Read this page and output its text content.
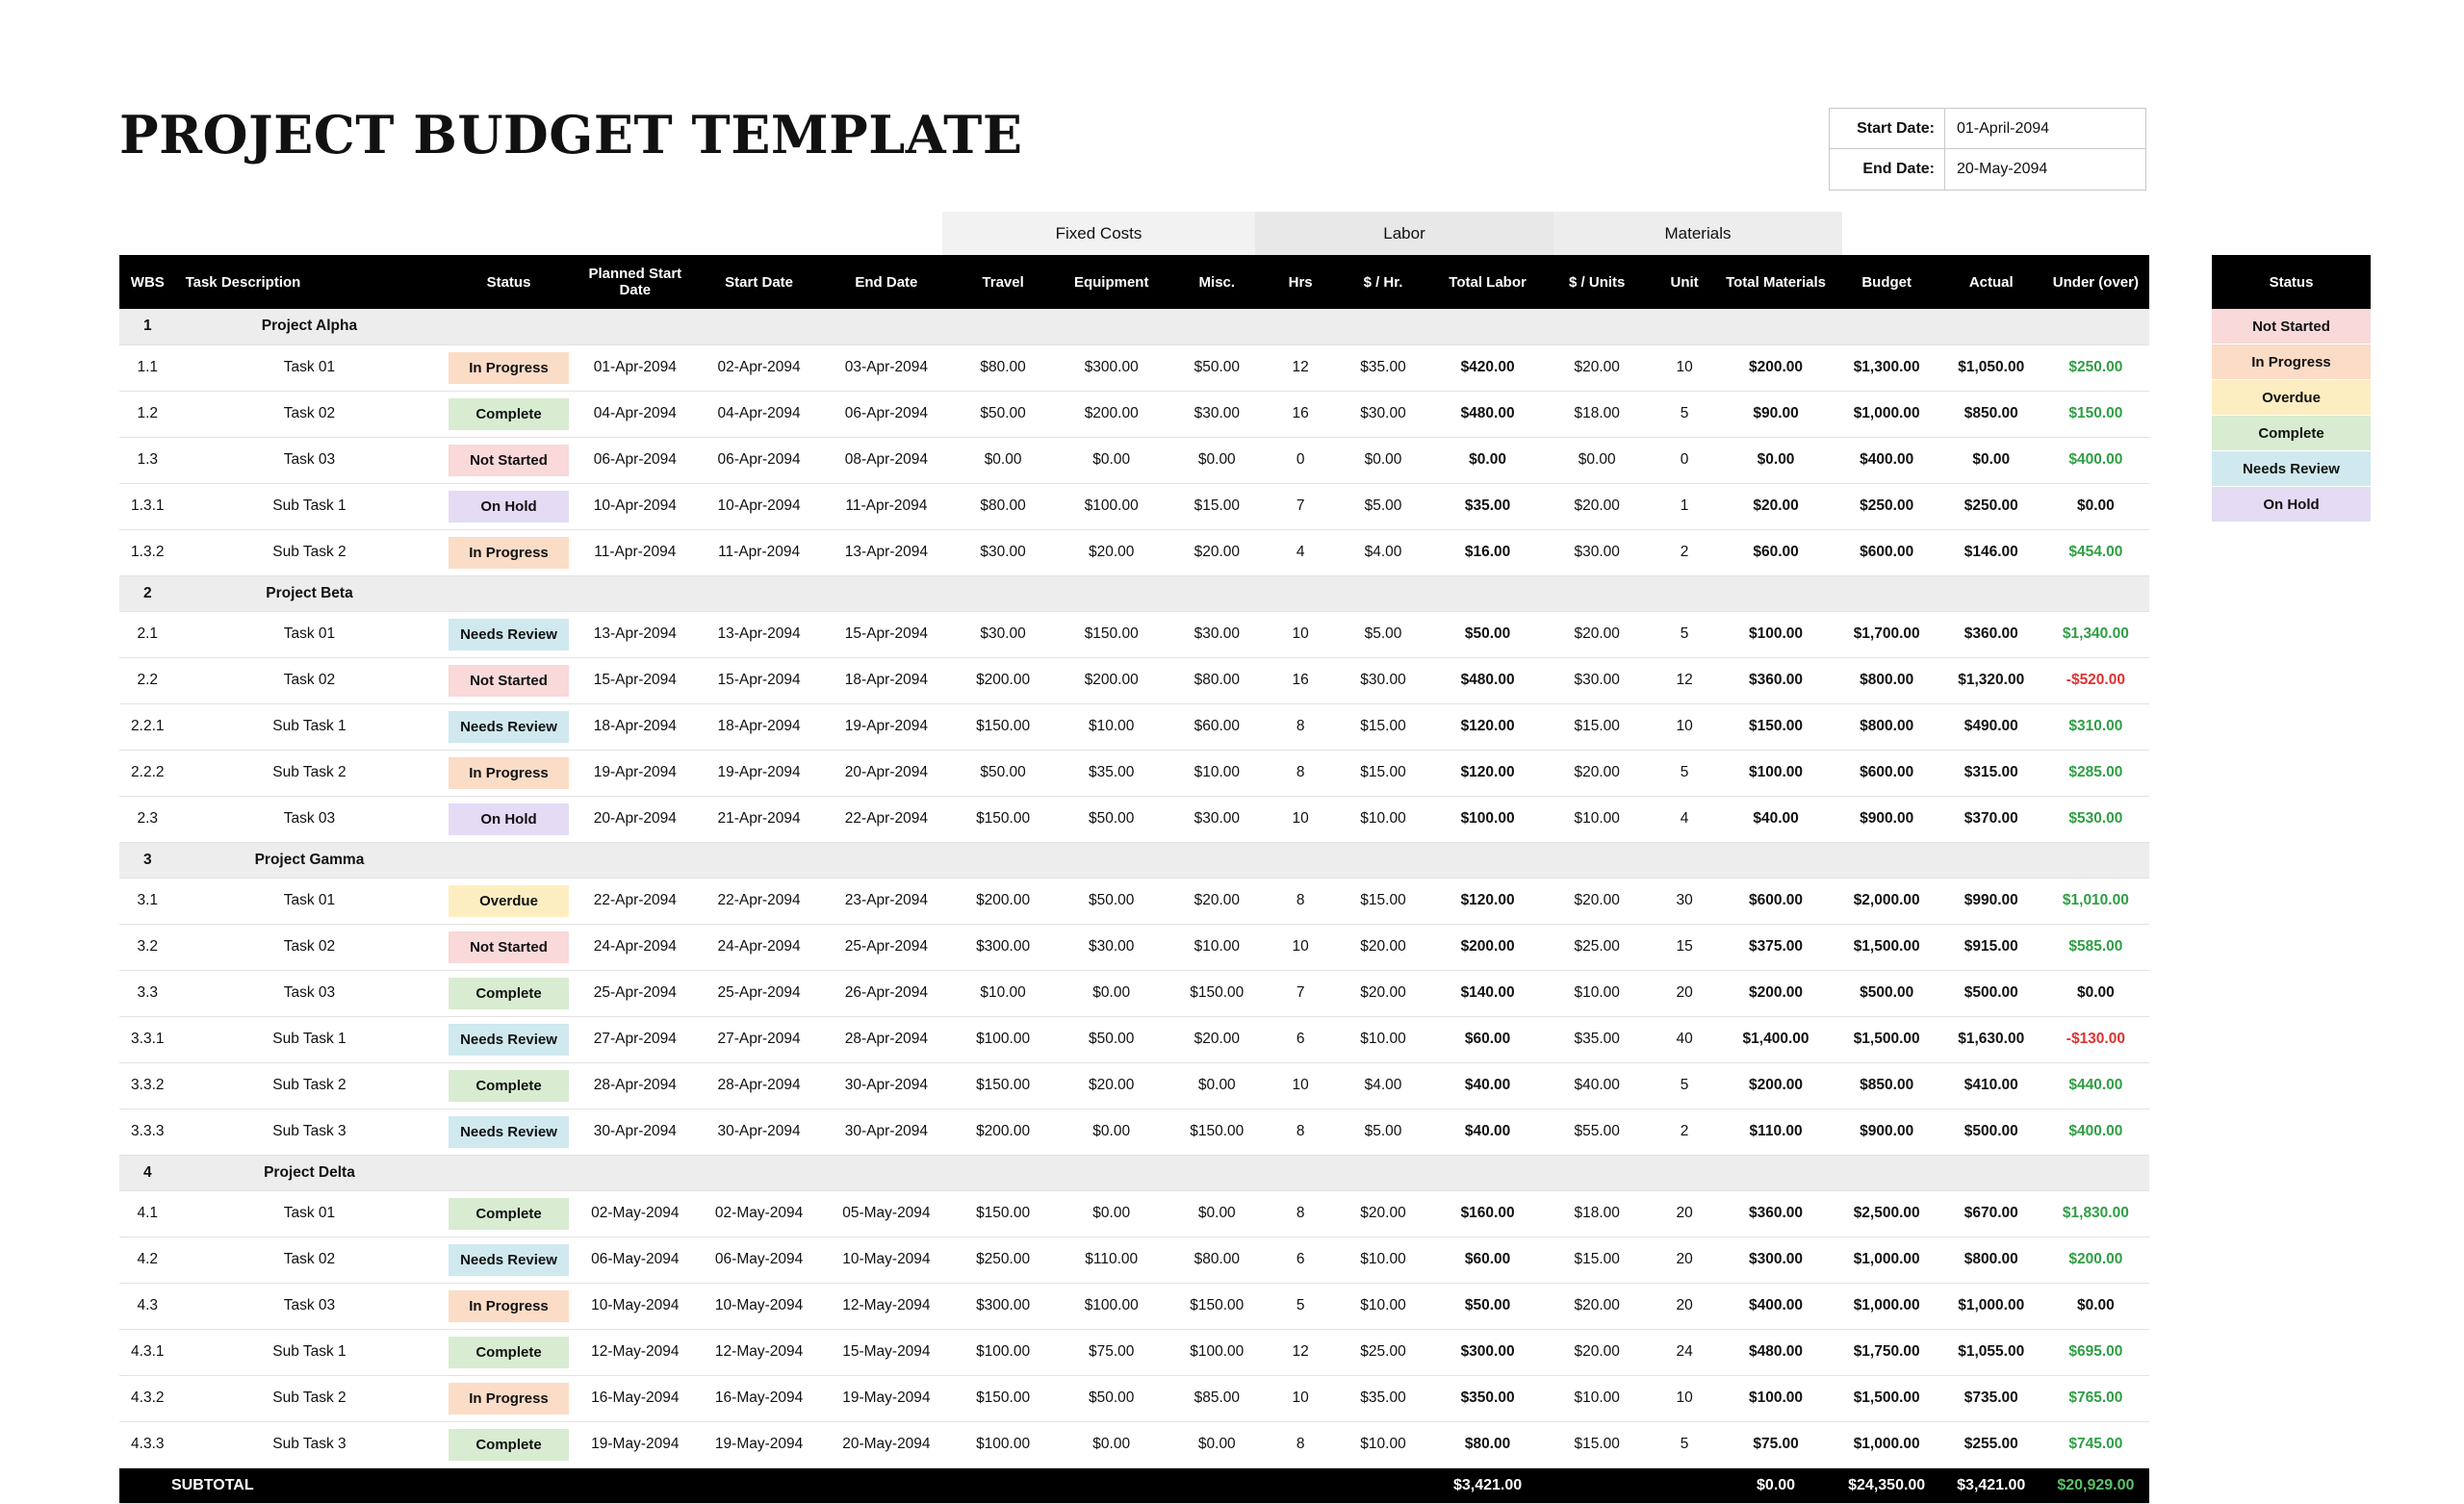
PROJECT BUDGET TEMPLATE	Start Date:	01-April-2094
End Date:	20-May-2094
Fixed Costs	Labor	Materials
WBS	Task Description	Status	Planned Start Date	Start Date	End Date	Travel	Equipment	Misc.	Hrs	$ / Hr.	Total Labor	$ / Units	Unit	Total Materials	Budget	Actual	Under (over)
1	Project Alpha																
1.1	Task 01	In Progress	01-Apr-2094	02-Apr-2094	03-Apr-2094	$80.00	$300.00	$50.00	12	$35.00	$420.00	$20.00	10	$200.00	$1,300.00	$1,050.00	$250.00
1.2	Task 02	Complete	04-Apr-2094	04-Apr-2094	06-Apr-2094	$50.00	$200.00	$30.00	16	$30.00	$480.00	$18.00	5	$90.00	$1,000.00	$850.00	$150.00
1.3	Task 03	Not Started	06-Apr-2094	06-Apr-2094	08-Apr-2094	$0.00	$0.00	$0.00	0	$0.00	$0.00	$0.00	0	$0.00	$400.00	$0.00	$400.00
1.3.1	Sub Task 1	On Hold	10-Apr-2094	10-Apr-2094	11-Apr-2094	$80.00	$100.00	$15.00	7	$5.00	$35.00	$20.00	1	$20.00	$250.00	$250.00	$0.00
1.3.2	Sub Task 2	In Progress	11-Apr-2094	11-Apr-2094	13-Apr-2094	$30.00	$20.00	$20.00	4	$4.00	$16.00	$30.00	2	$60.00	$600.00	$146.00	$454.00
2	Project Beta																
2.1	Task 01	Needs Review	13-Apr-2094	13-Apr-2094	15-Apr-2094	$30.00	$150.00	$30.00	10	$5.00	$50.00	$20.00	5	$100.00	$1,700.00	$360.00	$1,340.00
2.2	Task 02	Not Started	15-Apr-2094	15-Apr-2094	18-Apr-2094	$200.00	$200.00	$80.00	16	$30.00	$480.00	$30.00	12	$360.00	$800.00	$1,320.00	-$520.00
2.2.1	Sub Task 1	Needs Review	18-Apr-2094	18-Apr-2094	19-Apr-2094	$150.00	$10.00	$60.00	8	$15.00	$120.00	$15.00	10	$150.00	$800.00	$490.00	$310.00
2.2.2	Sub Task 2	In Progress	19-Apr-2094	19-Apr-2094	20-Apr-2094	$50.00	$35.00	$10.00	8	$15.00	$120.00	$20.00	5	$100.00	$600.00	$315.00	$285.00
2.3	Task 03	On Hold	20-Apr-2094	21-Apr-2094	22-Apr-2094	$150.00	$50.00	$30.00	10	$10.00	$100.00	$10.00	4	$40.00	$900.00	$370.00	$530.00
3	Project Gamma																
3.1	Task 01	Overdue	22-Apr-2094	22-Apr-2094	23-Apr-2094	$200.00	$50.00	$20.00	8	$15.00	$120.00	$20.00	30	$600.00	$2,000.00	$990.00	$1,010.00
3.2	Task 02	Not Started	24-Apr-2094	24-Apr-2094	25-Apr-2094	$300.00	$30.00	$10.00	10	$20.00	$200.00	$25.00	15	$375.00	$1,500.00	$915.00	$585.00
3.3	Task 03	Complete	25-Apr-2094	25-Apr-2094	26-Apr-2094	$10.00	$0.00	$150.00	7	$20.00	$140.00	$10.00	20	$200.00	$500.00	$500.00	$0.00
3.3.1	Sub Task 1	Needs Review	27-Apr-2094	27-Apr-2094	28-Apr-2094	$100.00	$50.00	$20.00	6	$10.00	$60.00	$35.00	40	$1,400.00	$1,500.00	$1,630.00	-$130.00
3.3.2	Sub Task 2	Complete	28-Apr-2094	28-Apr-2094	30-Apr-2094	$150.00	$20.00	$0.00	10	$4.00	$40.00	$40.00	5	$200.00	$850.00	$410.00	$440.00
3.3.3	Sub Task 3	Needs Review	30-Apr-2094	30-Apr-2094	30-Apr-2094	$200.00	$0.00	$150.00	8	$5.00	$40.00	$55.00	2	$110.00	$900.00	$500.00	$400.00
4	Project Delta																
4.1	Task 01	Complete	02-May-2094	02-May-2094	05-May-2094	$150.00	$0.00	$0.00	8	$20.00	$160.00	$18.00	20	$360.00	$2,500.00	$670.00	$1,830.00
4.2	Task 02	Needs Review	06-May-2094	06-May-2094	10-May-2094	$250.00	$110.00	$80.00	6	$10.00	$60.00	$15.00	20	$300.00	$1,000.00	$800.00	$200.00
4.3	Task 03	In Progress	10-May-2094	10-May-2094	12-May-2094	$300.00	$100.00	$150.00	5	$10.00	$50.00	$20.00	20	$400.00	$1,000.00	$1,000.00	$0.00
4.3.1	Sub Task 1	Complete	12-May-2094	12-May-2094	15-May-2094	$100.00	$75.00	$100.00	12	$25.00	$300.00	$20.00	24	$480.00	$1,750.00	$1,055.00	$695.00
4.3.2	Sub Task 2	In Progress	16-May-2094	16-May-2094	19-May-2094	$150.00	$50.00	$85.00	10	$35.00	$350.00	$10.00	10	$100.00	$1,500.00	$735.00	$765.00
4.3.3	Sub Task 3	Complete	19-May-2094	19-May-2094	20-May-2094	$100.00	$0.00	$0.00	8	$10.00	$80.00	$15.00	5	$75.00	$1,000.00	$255.00	$745.00
SUBTOTAL											$3,421.00			$0.00	$24,350.00	$3,421.00	$20,929.00
Status
Not Started
In Progress
Overdue
Complete
Needs Review
On Hold
